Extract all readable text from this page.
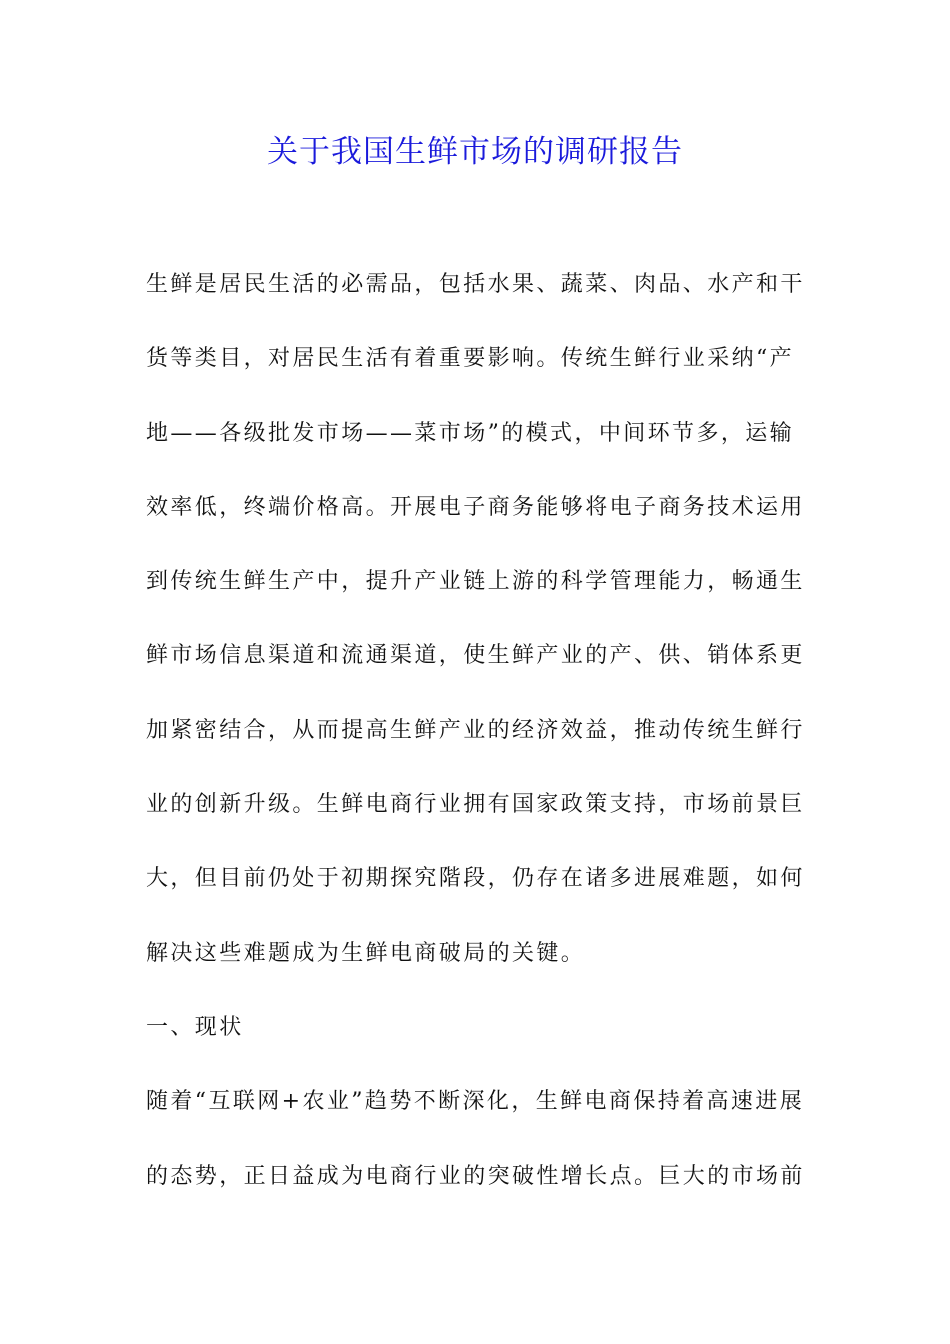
关于我国生鲜市场的调研报告
生鲜是居民生活的必需品，包括水果、蔬菜、肉品、水产和干
货等类目，对居民生活有着重要影响。传统生鲜行业采纳“产
地——各级批发市场——菜市场”的模式，中间环节多，运输
效率低，终端价格高。开展电子商务能够将电子商务技术运用
到传统生鲜生产中，提升产业链上游的科学管理能力，畅通生
鲜市场信息渠道和流通渠道，使生鲜产业的产、供、销体系更
加紧密结合，从而提高生鲜产业的经济效益，推动传统生鲜行
业的创新升级。生鲜电商行业拥有国家政策支持，市场前景巨
大，但目前仍处于初期探究階段，仍存在诸多进展难题，如何
解决这些难题成为生鲜电商破局的关键。
一、现状
随着“互联网+农业”趋势不断深化，生鲜电商保持着高速进展
的态势，正日益成为电商行业的突破性增长点。巨大的市场前
